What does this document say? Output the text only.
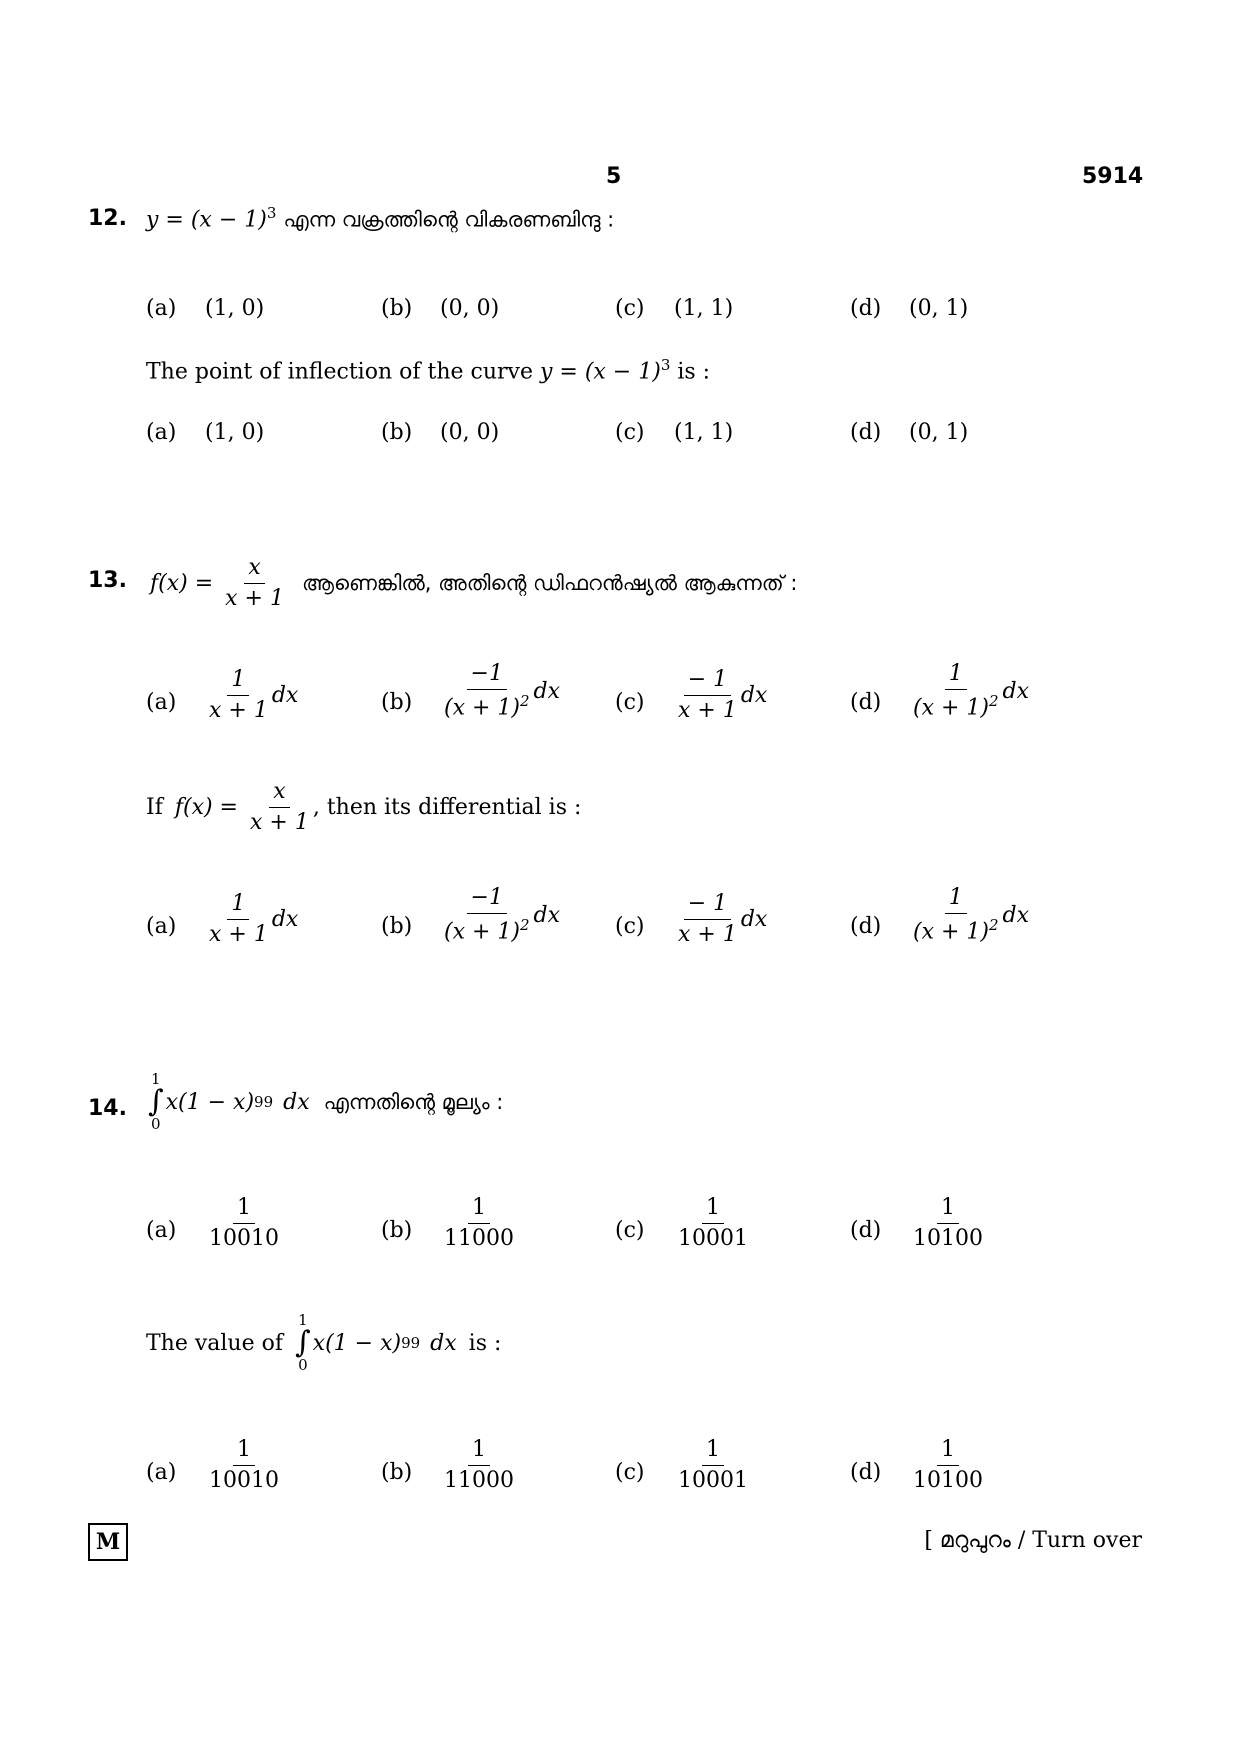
5	5914
12. $y = (x - 1)^3$ എന്ന വക്രത്തിന്റെ വികരണബിന്ദു :
(a) (1, 0)	(b) (0, 0)	(c) (1, 1)	(d) (0, 1)
The point of inflection of the curve $y = (x - 1)^3$ is :
(a) (1, 0)	(b) (0, 0)	(c) (1, 1)	(d) (0, 1)
13. $f(x) = \frac{x}{x + 1}$ ആണെങ്കിൽ, അതിന്റെ ഡിഫറൻഷ്യൽ ആകുന്നത് :
$(a) \frac{1}{x + 1}$ dx	$(b) \frac{-1}{(x + 1)^2}$ dx $(c) \frac{- 1}{x + 1}$ dx	$(d) \frac{1}{(x + 1)^2}$ dx
If $f(x) = \frac{x}{x + 1}$ , then its differential is :
$(a) \frac{1}{x + 1}$ dx	$(b) \frac{-1}{(x + 1)^2}$ dx $(c) \frac{- 1}{x + 1}$ dx	$(d) \frac{1}{(x + 1)^2}$ dx
14.
1
∫
0
x(1 − x) 99 dx എന്നതിന്റെ മൂല്യം :
$(a) \frac{1}{10010}$	$(b) \frac{1}{11000}$	$(c) \frac{1}{10001}$	$(d) \frac{1}{10100}$
The value of
1
∫
0
x(1 − x) 99 dx is :
$(a) \frac{1}{10010}$	$(b) \frac{1}{11000}$	$(c) \frac{1}{10001}$	$(d) \frac{1}{10100}$
M	[ മറുപുറം / Turn over
